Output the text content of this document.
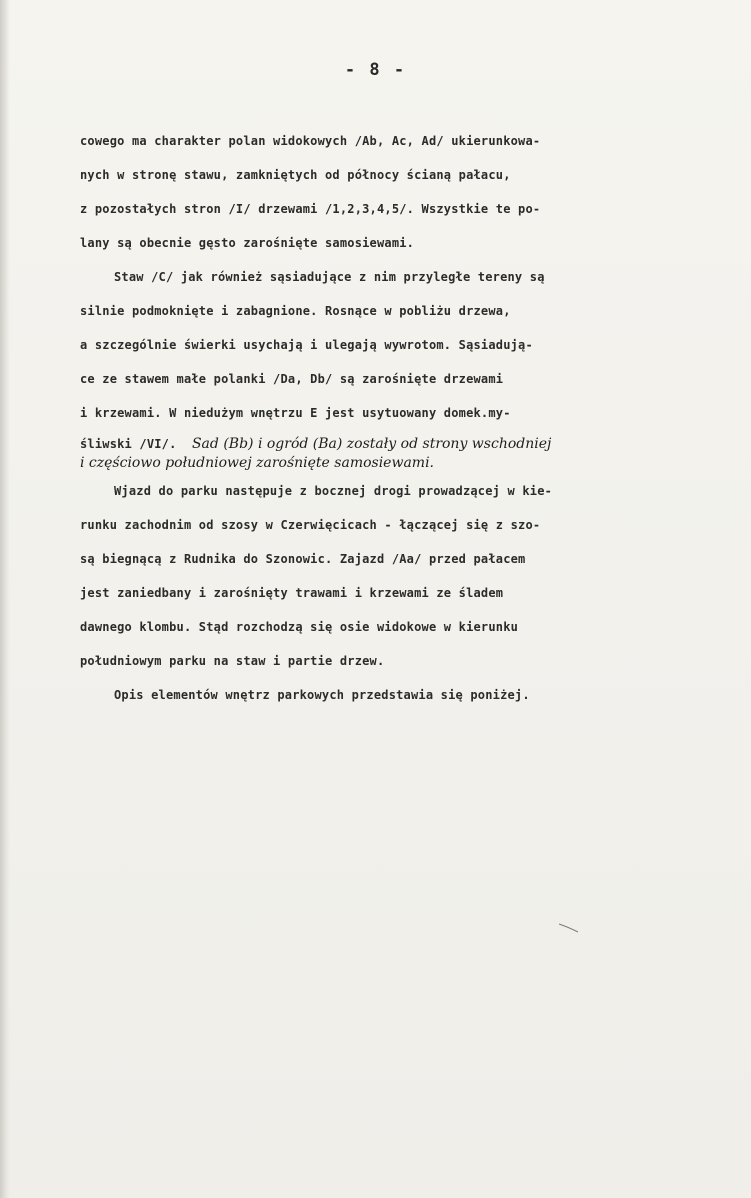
- 8 -
cowego ma charakter polan widokowych /Ab, Ac, Ad/ ukierunkowa-
nych w stronę stawu, zamkniętych od północy ścianą pałacu,
z pozostałych stron /I/ drzewami /1,2,3,4,5/. Wszystkie te po-
lany są obecnie gęsto zarośnięte samosiewami.
Staw /C/ jak również sąsiadujące z nim przyległe tereny są
silnie podmoknięte i zabagnione. Rosnące w pobliżu drzewa,
a szczególnie świerki usychają i ulegają wywrotom. Sąsiadują-
ce ze stawem małe polanki /Da, Db/ są zarośnięte drzewami
i krzewami. W niedużym wnętrzu E jest usytuowany domek.my-
śliwski /VI/. Sad (Bb) i ogród (Ba) zostały od strony wschodniej
i częściowo południowej zarośnięte samosiewami.
Wjazd do parku następuje z bocznej drogi prowadzącej w kie-
runku zachodnim od szosy w Czerwięcicach - łączącej się z szo-
są biegnącą z Rudnika do Szonowic. Zajazd /Aa/ przed pałacem
jest zaniedbany i zarośnięty trawami i krzewami ze śladem
dawnego klombu. Stąd rozchodzą się osie widokowe w kierunku
południowym parku na staw i partie drzew.
Opis elementów wnętrz parkowych przedstawia się poniżej.
